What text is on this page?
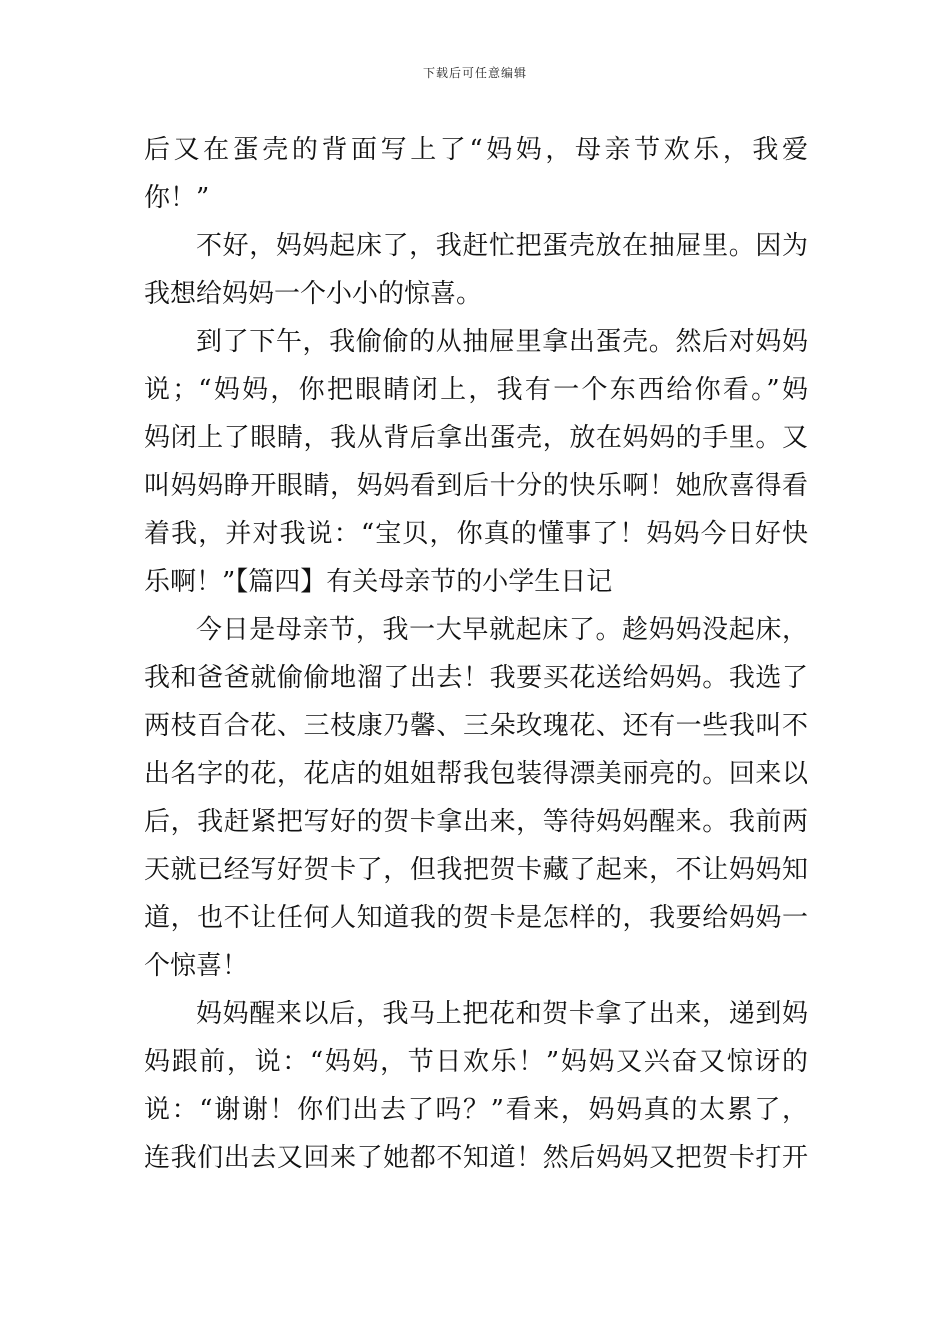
下载后可任意编辑
后又在蛋壳的背面写上了“妈妈，母亲节欢乐，我爱
你！”
不好，妈妈起床了，我赶忙把蛋壳放在抽屉里。因为
我想给妈妈一个小小的惊喜。
到了下午，我偷偷的从抽屉里拿出蛋壳。然后对妈妈
说；“妈妈，你把眼睛闭上，我有一个东西给你看。”妈
妈闭上了眼睛，我从背后拿出蛋壳，放在妈妈的手里。又
叫妈妈睁开眼睛，妈妈看到后十分的快乐啊！她欣喜得看
着我，并对我说：“宝贝，你真的懂事了！妈妈今日好快
乐啊！”【篇四】有关母亲节的小学生日记
今日是母亲节，我一大早就起床了。趁妈妈没起床，
我和爸爸就偷偷地溜了出去！我要买花送给妈妈。我选了
两枝百合花、三枝康乃馨、三朵玫瑰花、还有一些我叫不
出名字的花，花店的姐姐帮我包装得漂美丽亮的。回来以
后，我赶紧把写好的贺卡拿出来，等待妈妈醒来。我前两
天就已经写好贺卡了，但我把贺卡藏了起来，不让妈妈知
道，也不让任何人知道我的贺卡是怎样的，我要给妈妈一
个惊喜！
妈妈醒来以后，我马上把花和贺卡拿了出来，递到妈
妈跟前，说：“妈妈，节日欢乐！”妈妈又兴奋又惊讶的
说：“谢谢！你们出去了吗？”看来，妈妈真的太累了，
连我们出去又回来了她都不知道！然后妈妈又把贺卡打开
